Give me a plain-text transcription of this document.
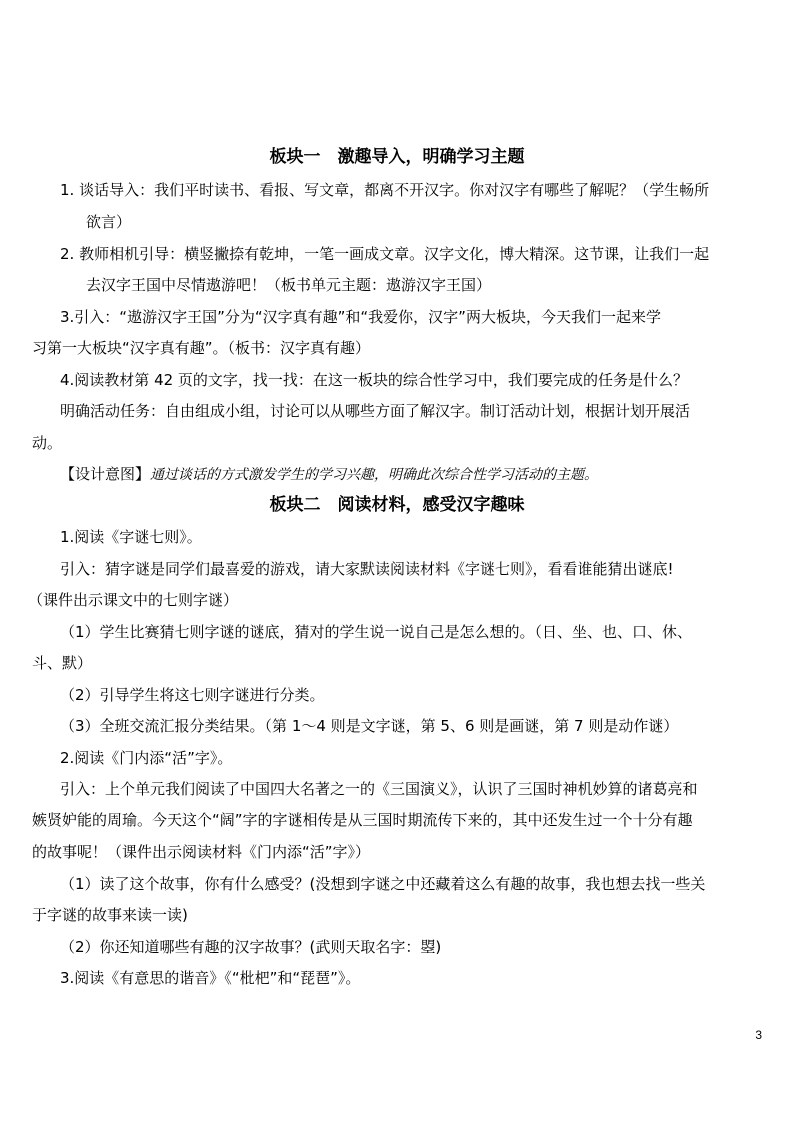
板块一　激趣导入，明确学习主题
1. 谈话导入：我们平时读书、看报、写文章，都离不开汉字。你对汉字有哪些了解呢？（学生畅所
欲言）
2. 教师相机引导：横竖撇捺有乾坤，一笔一画成文章。汉字文化，博大精深。这节课，让我们一起
去汉字王国中尽情遨游吧！（板书单元主题：遨游汉字王国）
3.引入：“遨游汉字王国”分为“汉字真有趣”和“我爱你，汉字”两大板块，今天我们一起来学
习第一大板块“汉字真有趣”。（板书：汉字真有趣）
4.阅读教材第 42 页的文字，找一找：在这一板块的综合性学习中，我们要完成的任务是什么？
明确活动任务：自由组成小组，讨论可以从哪些方面了解汉字。制订活动计划，根据计划开展活
动。
【设计意图】通过谈话的方式激发学生的学习兴趣，明确此次综合性学习活动的主题。
板块二　阅读材料，感受汉字趣味
1.阅读《字谜七则》。
引入：猜字谜是同学们最喜爱的游戏，请大家默读阅读材料《字谜七则》，看看谁能猜出谜底!
（课件出示课文中的七则字谜）
（1）学生比赛猜七则字谜的谜底，猜对的学生说一说自己是怎么想的。（日、坐、也、口、休、
斗、默）
（2）引导学生将这七则字谜进行分类。
（3）全班交流汇报分类结果。（第 1～4 则是文字谜，第 5、6 则是画谜，第 7 则是动作谜）
2.阅读《门内添“活”字》。
引入：上个单元我们阅读了中国四大名著之一的《三国演义》，认识了三国时神机妙算的诸葛亮和
嫉贤妒能的周瑜。今天这个“阔”字的字谜相传是从三国时期流传下来的，其中还发生过一个十分有趣
的故事呢！（课件出示阅读材料《门内添“活”字》）
（1）读了这个故事，你有什么感受？(没想到字谜之中还藏着这么有趣的故事，我也想去找一些关
于字谜的故事来读一读)
（2）你还知道哪些有趣的汉字故事？(武则天取名字：曌)
3.阅读《有意思的谐音》《“枇杷”和“琵琶”》。
3
